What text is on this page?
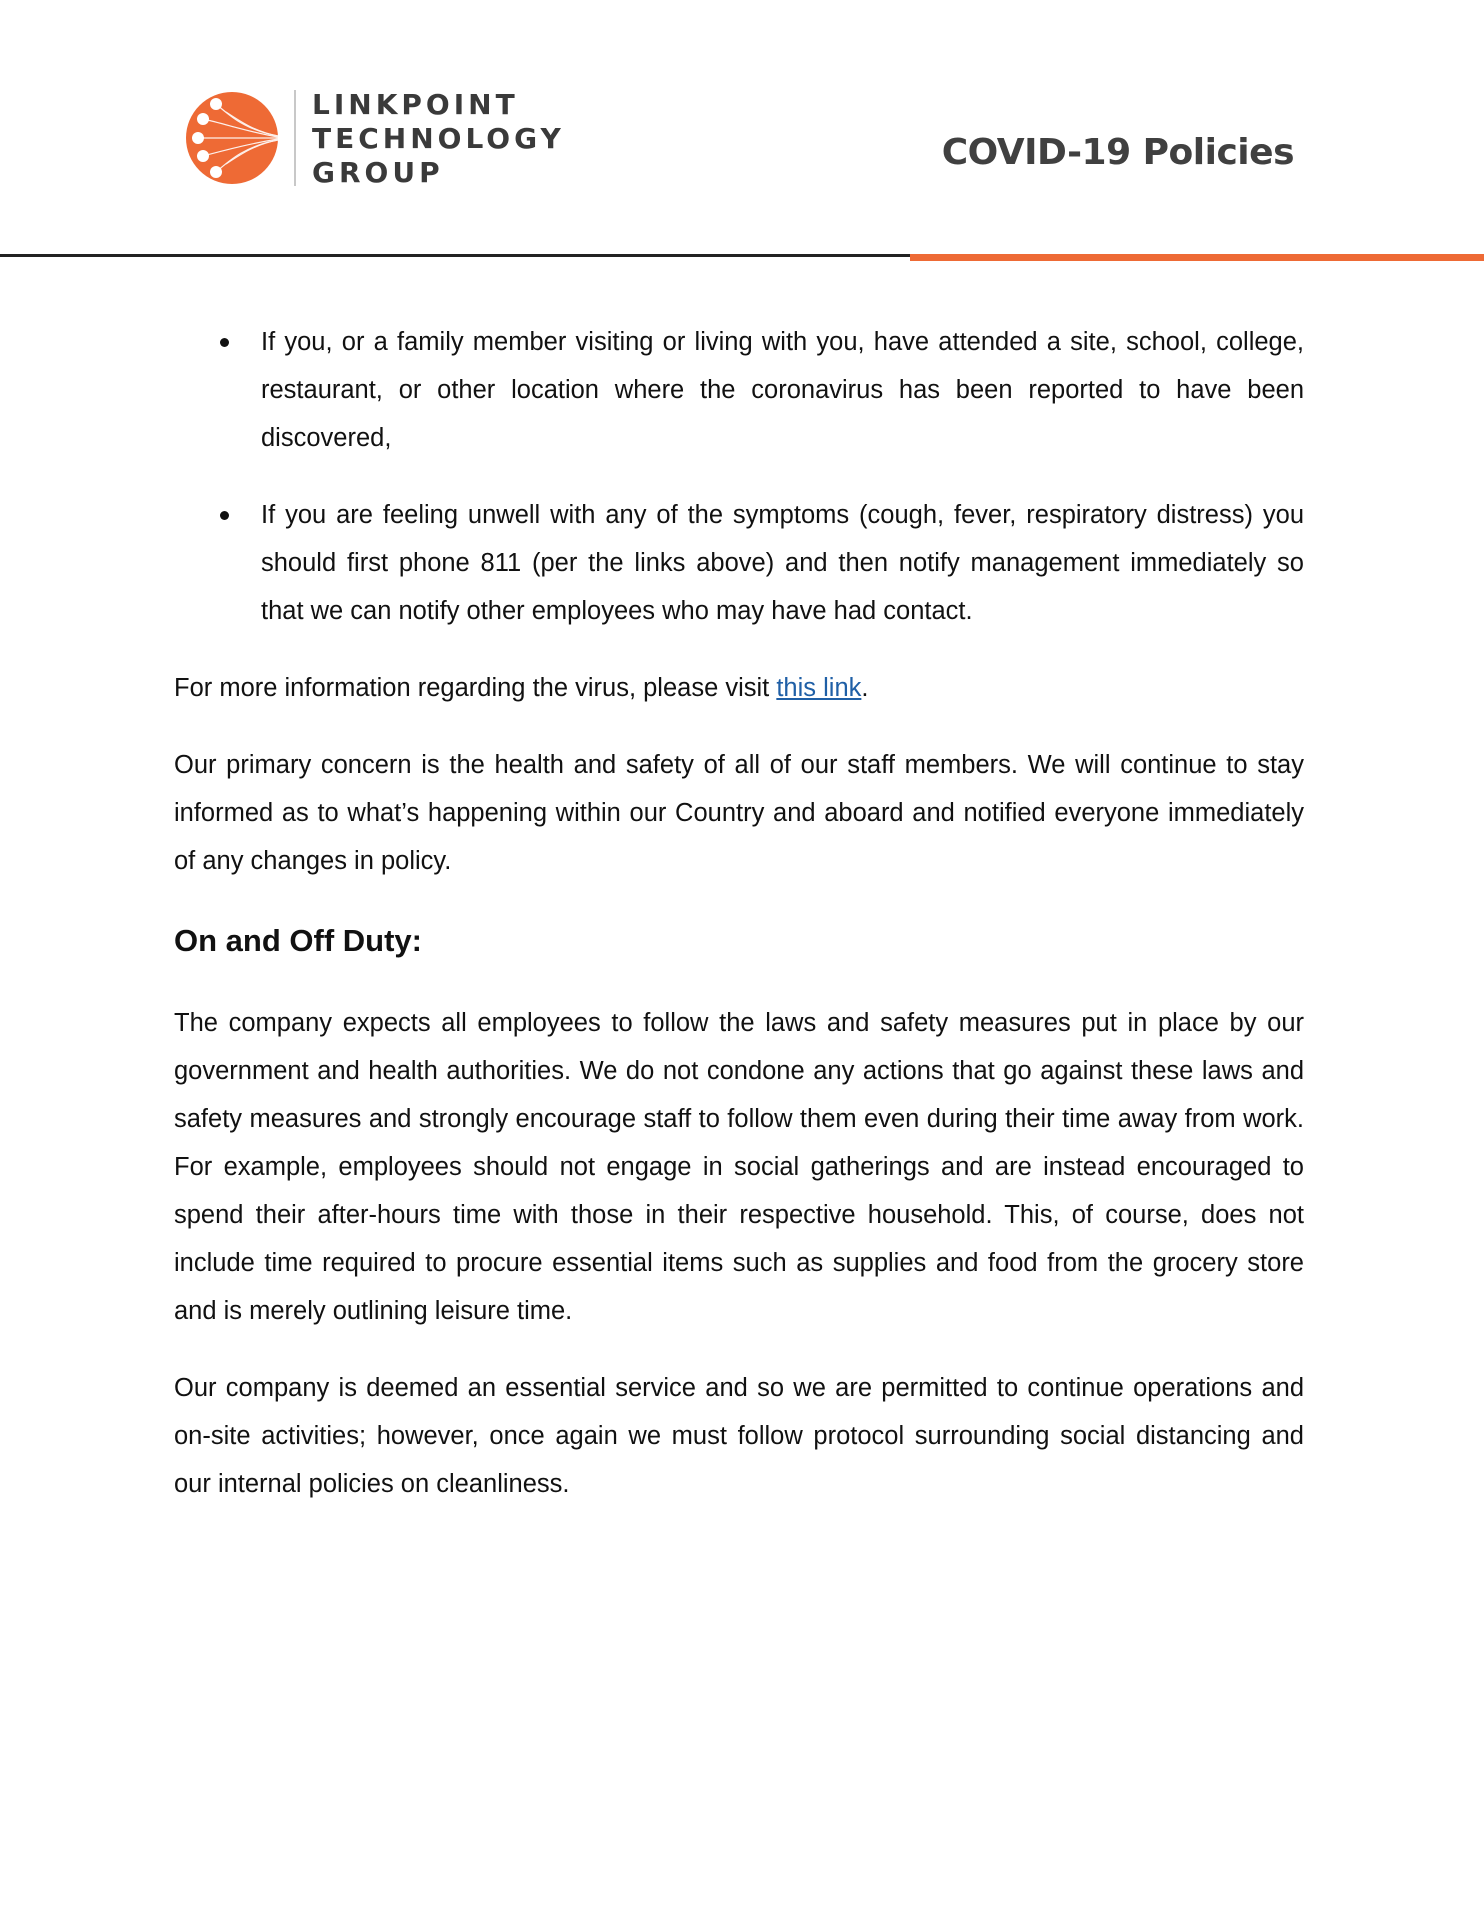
LINKPOINT
TECHNOLOGY
GROUP	COVID-19 Policies
If you, or a family member visiting or living with you, have attended a site, school, college, restaurant, or other location where the coronavirus has been reported to have been discovered,
If you are feeling unwell with any of the symptoms (cough, fever, respiratory distress) you should first phone 811 (per the links above) and then notify management immediately so that we can notify other employees who may have had contact.

For more information regarding the virus, please visit this link.

Our primary concern is the health and safety of all of our staff members. We will continue to stay informed as to what’s happening within our Country and aboard and notified everyone immediately of any changes in policy.

On and Off Duty:

The company expects all employees to follow the laws and safety measures put in place by our government and health authorities. We do not condone any actions that go against these laws and safety measures and strongly encourage staff to follow them even during their time away from work. For example, employees should not engage in social gatherings and are instead encouraged to spend their after-hours time with those in their respective household. This, of course, does not include time required to procure essential items such as supplies and food from the grocery store and is merely outlining leisure time.

Our company is deemed an essential service and so we are permitted to continue operations and on-site activities; however, once again we must follow protocol surrounding social distancing and our internal policies on cleanliness.
